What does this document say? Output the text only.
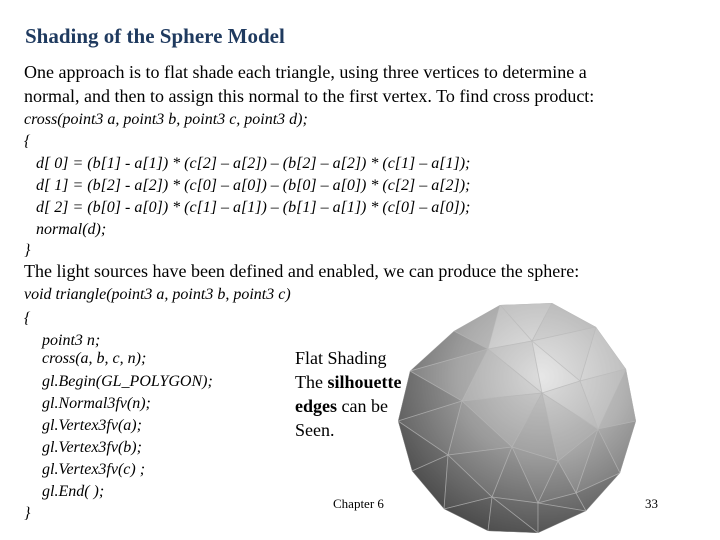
Shading of the Sphere Model
One approach is to flat shade each triangle, using three vertices to determine a
normal, and then to assign this normal to the first vertex. To find cross product:
cross(point3 a, point3 b, point3 c, point3 d);
{
d[ 0] = (b[1] - a[1]) * (c[2] – a[2]) – (b[2] – a[2]) * (c[1] – a[1]);
d[ 1] = (b[2] - a[2]) * (c[0] – a[0]) – (b[0] – a[0]) * (c[2] – a[2]);
d[ 2] = (b[0] - a[0]) * (c[1] – a[1]) – (b[1] – a[1]) * (c[0] – a[0]);
normal(d);
}
The light sources have been defined and enabled, we can produce the sphere:
void triangle(point3 a, point3 b, point3 c)
{
point3 n;
cross(a, b, c, n);
gl.Begin(GL_POLYGON);
gl.Normal3fv(n);
gl.Vertex3fv(a);
gl.Vertex3fv(b);
gl.Vertex3fv(c) ;
gl.End( );
}
Flat Shading
The silhouette
edges can be
Seen.
Chapter 6	33
